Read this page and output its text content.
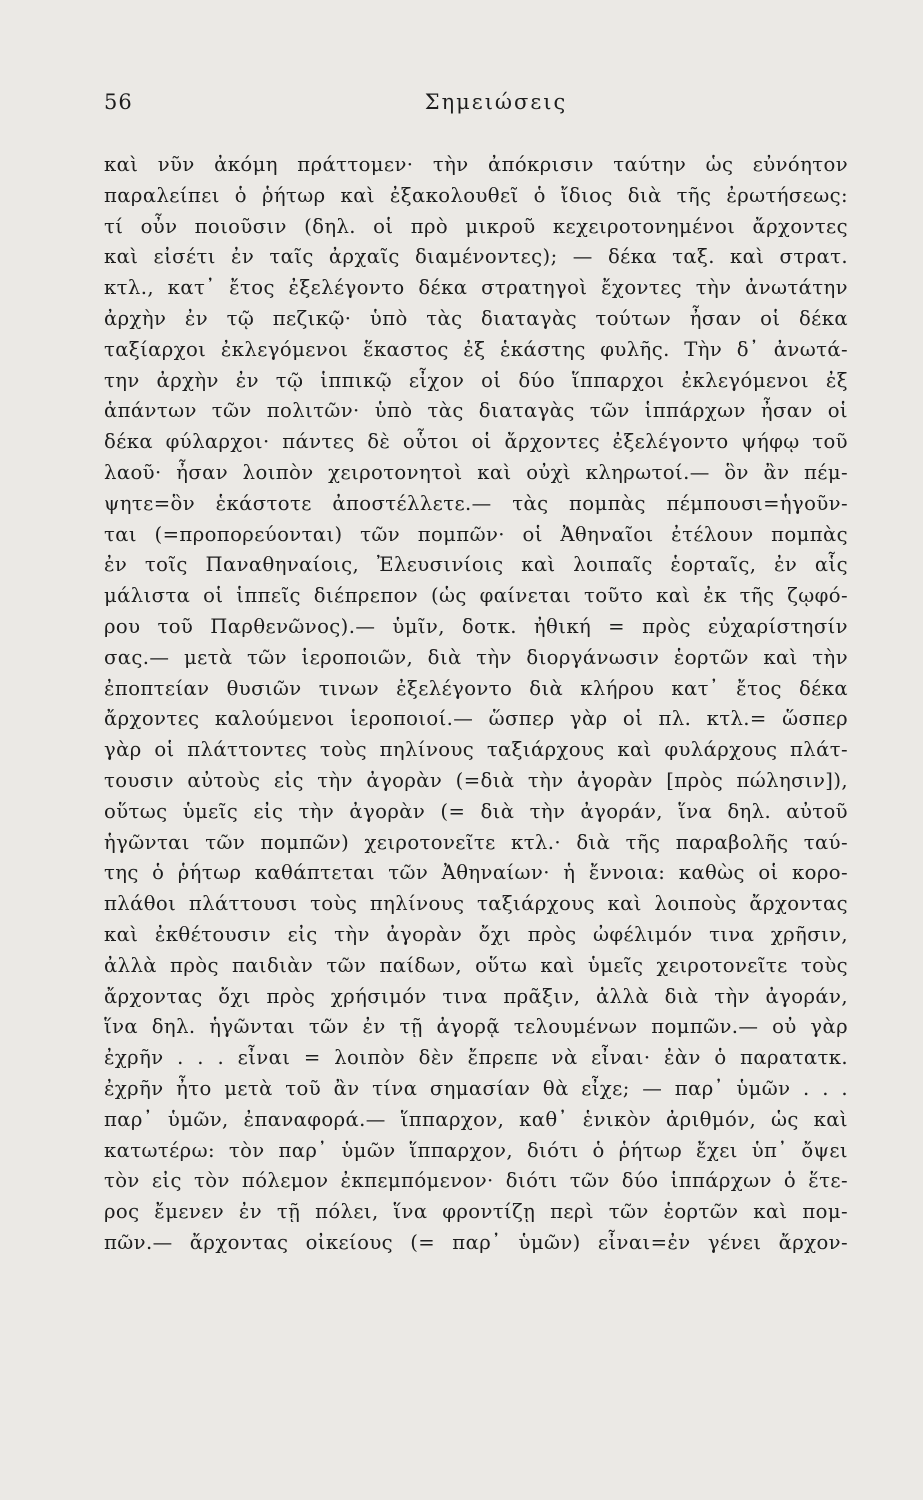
56	Σημειώσεις
καὶ νῦν ἀκόμη πράττομεν· τὴν ἀπόκρισιν ταύτην ὡς εὐνόητον
παραλείπει ὁ ῥήτωρ καὶ ἐξακολουθεῖ ὁ ἴδιος διὰ τῆς ἐρωτήσεως:
τί οὖν ποιοῦσιν (δηλ. οἱ πρὸ μικροῦ κεχειροτονημένοι ἄρχοντες
καὶ εἰσέτι ἐν ταῖς ἀρχαῖς διαμένοντες); — δέκα ταξ. καὶ στρατ.
κτλ., κατ᾽ ἔτος ἐξελέγοντο δέκα στρατηγοὶ ἔχοντες τὴν ἀνωτάτην
ἀρχὴν ἐν τῷ πεζικῷ· ὑπὸ τὰς διαταγὰς τούτων ἦσαν οἱ δέκα
ταξίαρχοι ἐκλεγόμενοι ἕκαστος ἐξ ἑκάστης φυλῆς. Τὴν δ᾽ ἀνωτά-
την ἀρχὴν ἐν τῷ ἱππικῷ εἶχον οἱ δύο ἵππαρχοι ἐκλεγόμενοι ἐξ
ἁπάντων τῶν πολιτῶν· ὑπὸ τὰς διαταγὰς τῶν ἱππάρχων ἦσαν οἱ
δέκα φύλαρχοι· πάντες δὲ οὗτοι οἱ ἄρχοντες ἐξελέγοντο ψήφῳ τοῦ
λαοῦ· ἦσαν λοιπὸν χειροτονητοὶ καὶ οὐχὶ κληρωτοί.— ὃν ἂν πέμ-
ψητε=ὃν ἑκάστοτε ἀποστέλλετε.— τὰς πομπὰς πέμπουσι=ἡγοῦν-
ται (=προπορεύονται) τῶν πομπῶν· οἱ Ἀθηναῖοι ἐτέλουν πομπὰς
ἐν τοῖς Παναθηναίοις, Ἐλευσινίοις καὶ λοιπαῖς ἑορταῖς, ἐν αἷς
μάλιστα οἱ ἱππεῖς διέπρεπον (ὡς φαίνεται τοῦτο καὶ ἐκ τῆς ζῳφό-
ρου τοῦ Παρθενῶνος).— ὑμῖν, δοτκ. ἠθική = πρὸς εὐχαρίστησίν
σας.— μετὰ τῶν ἱεροποιῶν, διὰ τὴν διοργάνωσιν ἑορτῶν καὶ τὴν
ἐποπτείαν θυσιῶν τινων ἐξελέγοντο διὰ κλήρου κατ᾽ ἔτος δέκα
ἄρχοντες καλούμενοι ἱεροποιοί.— ὥσπερ γὰρ οἱ πλ. κτλ.= ὥσπερ
γὰρ οἱ πλάττοντες τοὺς πηλίνους ταξιάρχους καὶ φυλάρχους πλάτ-
τουσιν αὐτοὺς εἰς τὴν ἀγορὰν (=διὰ τὴν ἀγορὰν [πρὸς πώλησιν]),
οὕτως ὑμεῖς εἰς τὴν ἀγορὰν (= διὰ τὴν ἀγοράν, ἵνα δηλ. αὐτοῦ
ἡγῶνται τῶν πομπῶν) χειροτονεῖτε κτλ.· διὰ τῆς παραβολῆς ταύ-
της ὁ ῥήτωρ καθάπτεται τῶν Ἀθηναίων· ἡ ἔννοια: καθὼς οἱ κορο-
πλάθοι πλάττουσι τοὺς πηλίνους ταξιάρχους καὶ λοιποὺς ἄρχοντας
καὶ ἐκθέτουσιν εἰς τὴν ἀγορὰν ὄχι πρὸς ὠφέλιμόν τινα χρῆσιν,
ἀλλὰ πρὸς παιδιὰν τῶν παίδων, οὕτω καὶ ὑμεῖς χειροτονεῖτε τοὺς
ἄρχοντας ὄχι πρὸς χρήσιμόν τινα πρᾶξιν, ἀλλὰ διὰ τὴν ἀγοράν,
ἵνα δηλ. ἡγῶνται τῶν ἐν τῇ ἀγορᾷ τελουμένων πομπῶν.— οὐ γὰρ
ἐχρῆν . . . εἶναι = λοιπὸν δὲν ἔπρεπε νὰ εἶναι· ἐὰν ὁ παρατατκ.
ἐχρῆν ἦτο μετὰ τοῦ ἂν τίνα σημασίαν θὰ εἶχε; — παρ᾽ ὑμῶν . . .
παρ᾽ ὑμῶν, ἐπαναφορά.— ἵππαρχον, καθ᾽ ἑνικὸν ἀριθμόν, ὡς καὶ
κατωτέρω: τὸν παρ᾽ ὑμῶν ἵππαρχον, διότι ὁ ῥήτωρ ἔχει ὑπ᾽ ὄψει
τὸν εἰς τὸν πόλεμον ἐκπεμπόμενον· διότι τῶν δύο ἱππάρχων ὁ ἕτε-
ρος ἔμενεν ἐν τῇ πόλει, ἵνα φροντίζῃ περὶ τῶν ἑορτῶν καὶ πομ-
πῶν.— ἄρχοντας οἰκείους (= παρ᾽ ὑμῶν) εἶναι=ἐν γένει ἄρχον-
